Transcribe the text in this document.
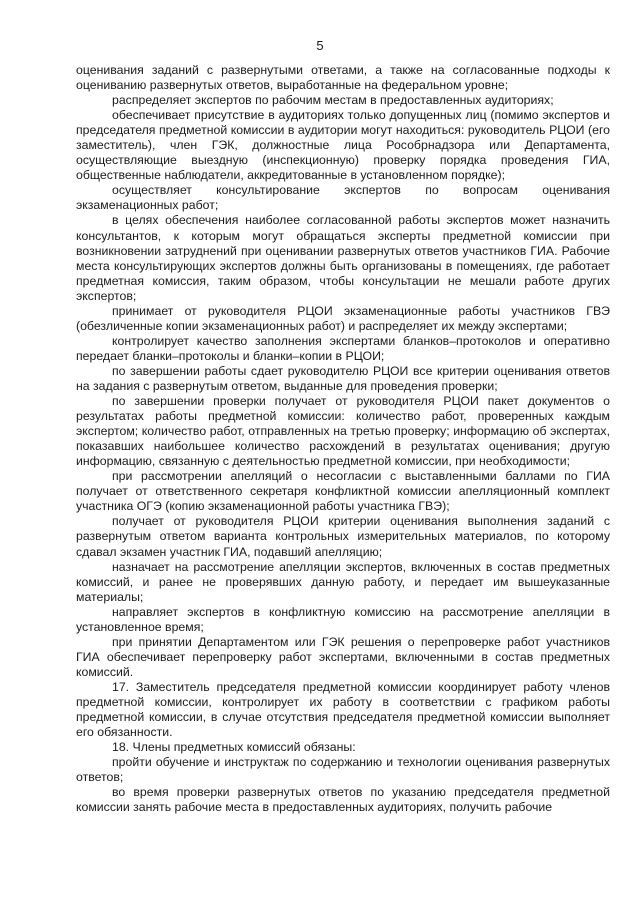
5

оценивания заданий с развернутыми ответами, а также на согласованные подходы к оцениванию развернутых ответов, выработанные на федеральном уровне;

распределяет экспертов по рабочим местам в предоставленных аудиториях;

обеспечивает присутствие в аудиториях только допущенных лиц (помимо экспертов и председателя предметной комиссии в аудитории могут находиться: руководитель РЦОИ (его заместитель), член ГЭК, должностные лица Рособрнадзора или Департамента, осуществляющие выездную (инспекционную) проверку порядка проведения ГИА, общественные наблюдатели, аккредитованные в установленном порядке);

осуществляет консультирование экспертов по вопросам оценивания экзаменационных работ;

в целях обеспечения наиболее согласованной работы экспертов может назначить консультантов, к которым могут обращаться эксперты предметной комиссии при возникновении затруднений при оценивании развернутых ответов участников ГИА. Рабочие места консультирующих экспертов должны быть организованы в помещениях, где работает предметная комиссия, таким образом, чтобы консультации не мешали работе других экспертов;

принимает от руководителя РЦОИ экзаменационные работы участников ГВЭ (обезличенные копии экзаменационных работ) и распределяет их между экспертами;

контролирует качество заполнения экспертами бланков–протоколов и оперативно передает бланки–протоколы и бланки–копии в РЦОИ;

по завершении работы сдает руководителю РЦОИ все критерии оценивания ответов на задания с развернутым ответом, выданные для проведения проверки;

по завершении проверки получает от руководителя РЦОИ пакет документов о результатах работы предметной комиссии: количество работ, проверенных каждым экспертом; количество работ, отправленных на третью проверку; информацию об экспертах, показавших наибольшее количество расхождений в результатах оценивания; другую информацию, связанную с деятельностью предметной комиссии, при необходимости;

при рассмотрении апелляций о несогласии с выставленными баллами по ГИА получает от ответственного секретаря конфликтной комиссии апелляционный комплект участника ОГЭ (копию экзаменационной работы участника ГВЭ);

получает от руководителя РЦОИ критерии оценивания выполнения заданий с развернутым ответом варианта контрольных измерительных материалов, по которому сдавал экзамен участник ГИА, подавший апелляцию;

назначает на рассмотрение апелляции экспертов, включенных в состав предметных комиссий, и ранее не проверявших данную работу, и передает им вышеуказанные материалы;

направляет экспертов в конфликтную комиссию на рассмотрение апелляции в установленное время;

при принятии Департаментом или ГЭК решения о перепроверке работ участников ГИА обеспечивает перепроверку работ экспертами, включенными в состав предметных комиссий.

17. Заместитель председателя предметной комиссии координирует работу членов предметной комиссии, контролирует их работу в соответствии с графиком работы предметной комиссии, в случае отсутствия председателя предметной комиссии выполняет его обязанности.

18. Члены предметных комиссий обязаны:

пройти обучение и инструктаж по содержанию и технологии оценивания развернутых ответов;

во время проверки развернутых ответов по указанию председателя предметной комиссии занять рабочие места в предоставленных аудиториях, получить рабочие
